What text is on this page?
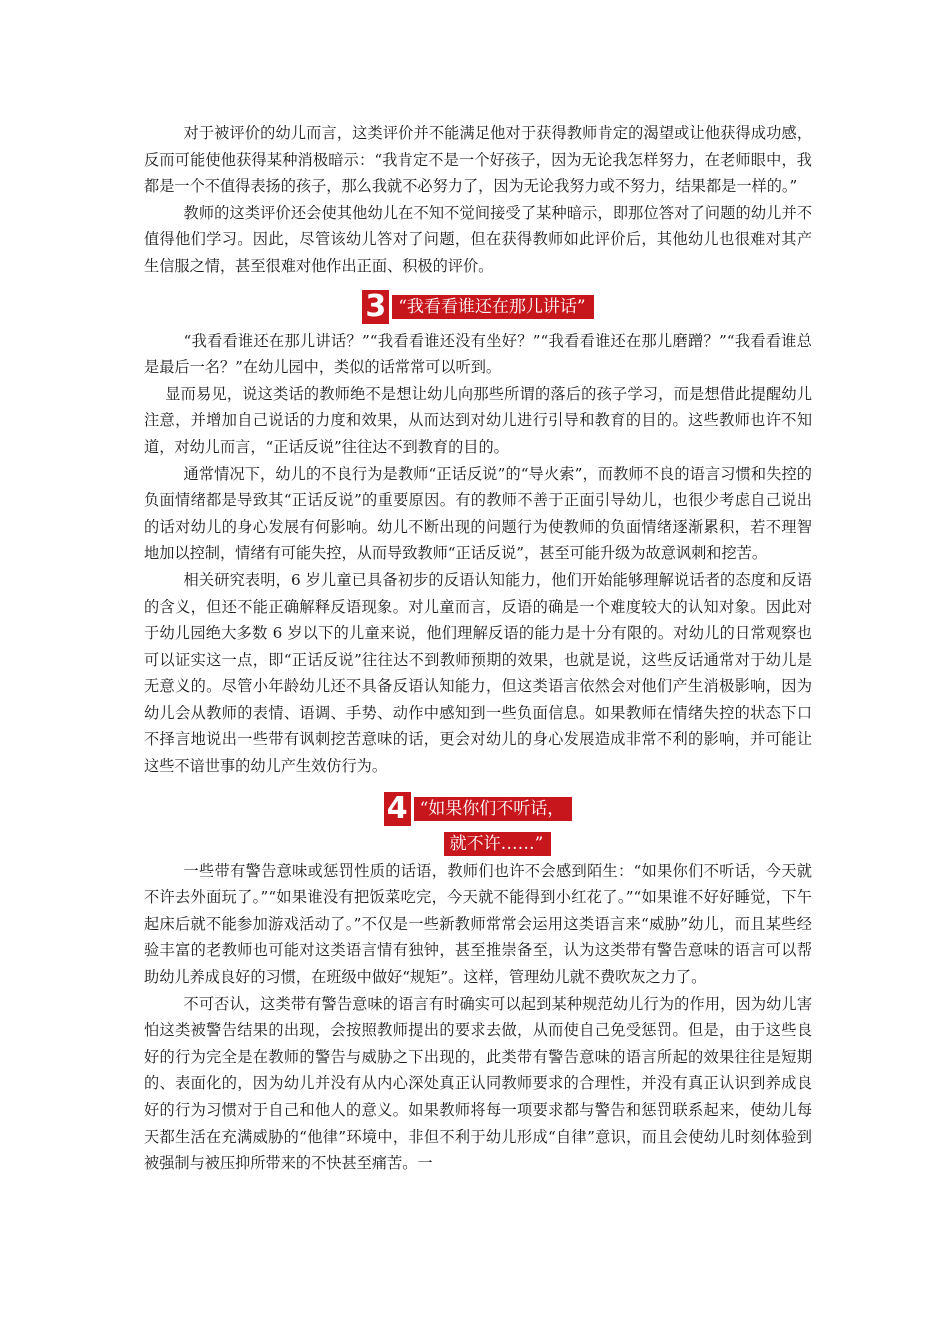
对于被评价的幼儿而言，这类评价并不能满足他对于获得教师肯定的渴望或让他获得成功感，反而可能使他获得某种消极暗示：“我肯定不是一个好孩子，因为无论我怎样努力，在老师眼中，我都是一个不值得表扬的孩子，那么我就不必努力了，因为无论我努力或不努力，结果都是一样的。”

教师的这类评价还会使其他幼儿在不知不觉间接受了某种暗示，即那位答对了问题的幼儿并不值得他们学习。因此，尽管该幼儿答对了问题，但在获得教师如此评价后，其他幼儿也很难对其产生信服之情，甚至很难对他作出正面、积极的评价。

3 “我看看谁还在那儿讲话”

“我看看谁还在那儿讲话？”“我看看谁还没有坐好？”“我看看谁还在那儿磨蹭？”“我看看谁总是最后一名？”在幼儿园中，类似的话常常可以听到。

显而易见，说这类话的教师绝不是想让幼儿向那些所谓的落后的孩子学习，而是想借此提醒幼儿注意，并增加自己说话的力度和效果，从而达到对幼儿进行引导和教育的目的。这些教师也许不知道，对幼儿而言，“正话反说”往往达不到教育的目的。

通常情况下，幼儿的不良行为是教师“正话反说”的“导火索”，而教师不良的语言习惯和失控的负面情绪都是导致其“正话反说”的重要原因。有的教师不善于正面引导幼儿，也很少考虑自己说出的话对幼儿的身心发展有何影响。幼儿不断出现的问题行为使教师的负面情绪逐渐累积，若不理智地加以控制，情绪有可能失控，从而导致教师“正话反说”，甚至可能升级为故意讽刺和挖苦。

相关研究表明，6 岁儿童已具备初步的反语认知能力，他们开始能够理解说话者的态度和反语的含义，但还不能正确解释反语现象。对儿童而言，反语的确是一个难度较大的认知对象。因此对于幼儿园绝大多数 6 岁以下的儿童来说，他们理解反语的能力是十分有限的。对幼儿的日常观察也可以证实这一点，即“正话反说”往往达不到教师预期的效果，也就是说，这些反话通常对于幼儿是无意义的。尽管小年龄幼儿还不具备反语认知能力，但这类语言依然会对他们产生消极影响，因为幼儿会从教师的表情、语调、手势、动作中感知到一些负面信息。如果教师在情绪失控的状态下口不择言地说出一些带有讽刺挖苦意味的话，更会对幼儿的身心发展造成非常不利的影响，并可能让这些不谙世事的幼儿产生效仿行为。

4 “如果你们不听话，
就不许……”

一些带有警告意味或惩罚性质的话语，教师们也许不会感到陌生：“如果你们不听话，今天就不许去外面玩了。”“如果谁没有把饭菜吃完，今天就不能得到小红花了。”“如果谁不好好睡觉，下午起床后就不能参加游戏活动了。”不仅是一些新教师常常会运用这类语言来“威胁”幼儿，而且某些经验丰富的老教师也可能对这类语言情有独钟，甚至推崇备至，认为这类带有警告意味的语言可以帮助幼儿养成良好的习惯，在班级中做好“规矩”。这样，管理幼儿就不费吹灰之力了。

不可否认，这类带有警告意味的语言有时确实可以起到某种规范幼儿行为的作用，因为幼儿害怕这类被警告结果的出现，会按照教师提出的要求去做，从而使自己免受惩罚。但是，由于这些良好的行为完全是在教师的警告与威胁之下出现的，此类带有警告意味的语言所起的效果往往是短期的、表面化的，因为幼儿并没有从内心深处真正认同教师要求的合理性，并没有真正认识到养成良好的行为习惯对于自己和他人的意义。如果教师将每一项要求都与警告和惩罚联系起来，使幼儿每天都生活在充满威胁的“他律”环境中，非但不利于幼儿形成“自律”意识，而且会使幼儿时刻体验到被强制与被压抑所带来的不快甚至痛苦。一
